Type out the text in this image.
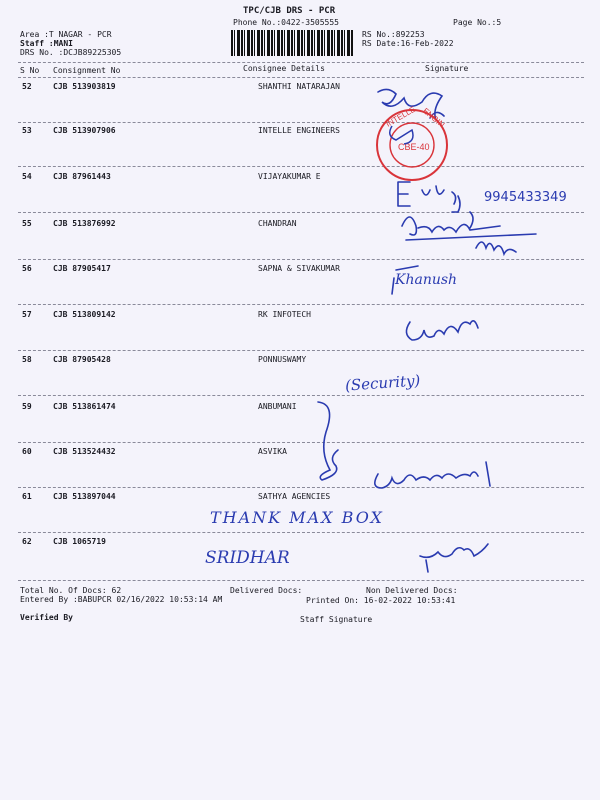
TPC/CJB DRS - PCR
Phone No.:0422-3505555	Page No.:5
Area :T NAGAR - PCR
Staff :MANI
DRS No. :DCJB89225305
RS No.:892253
RS Date:16-Feb-2022
S No Consignment No	Consignee Details	Signature
52	CJB 513903819	SHANTHI NATARAJAN
53	CJB 513907906	INTELLE ENGINEERS
54	CJB 87961443	VIJAYAKUMAR E
55	CJB 513876992	CHANDRAN
56	CJB 87905417	SAPNA & SIVAKUMAR
57	CJB 513809142	RK INFOTECH
58	CJB 87905428	PONNUSWAMY
59	CJB 513861474	ANBUMANI
60	CJB 513524432	ASVIKA
61	CJB 513897044	SATHYA AGENCIES
62	CJB 1065719
CBE-40
INTELLE ENGIN
9945433349
Khanush
(Security)
THANK MAX BOX
SRIDHAR
Total No. Of Docs: 62	Delivered Docs:	Non Delivered Docs:
Entered By :BABUPCR 02/16/2022 10:53:14 AM	Printed On: 16-02-2022 10:53:41
Verified By	Staff Signature
